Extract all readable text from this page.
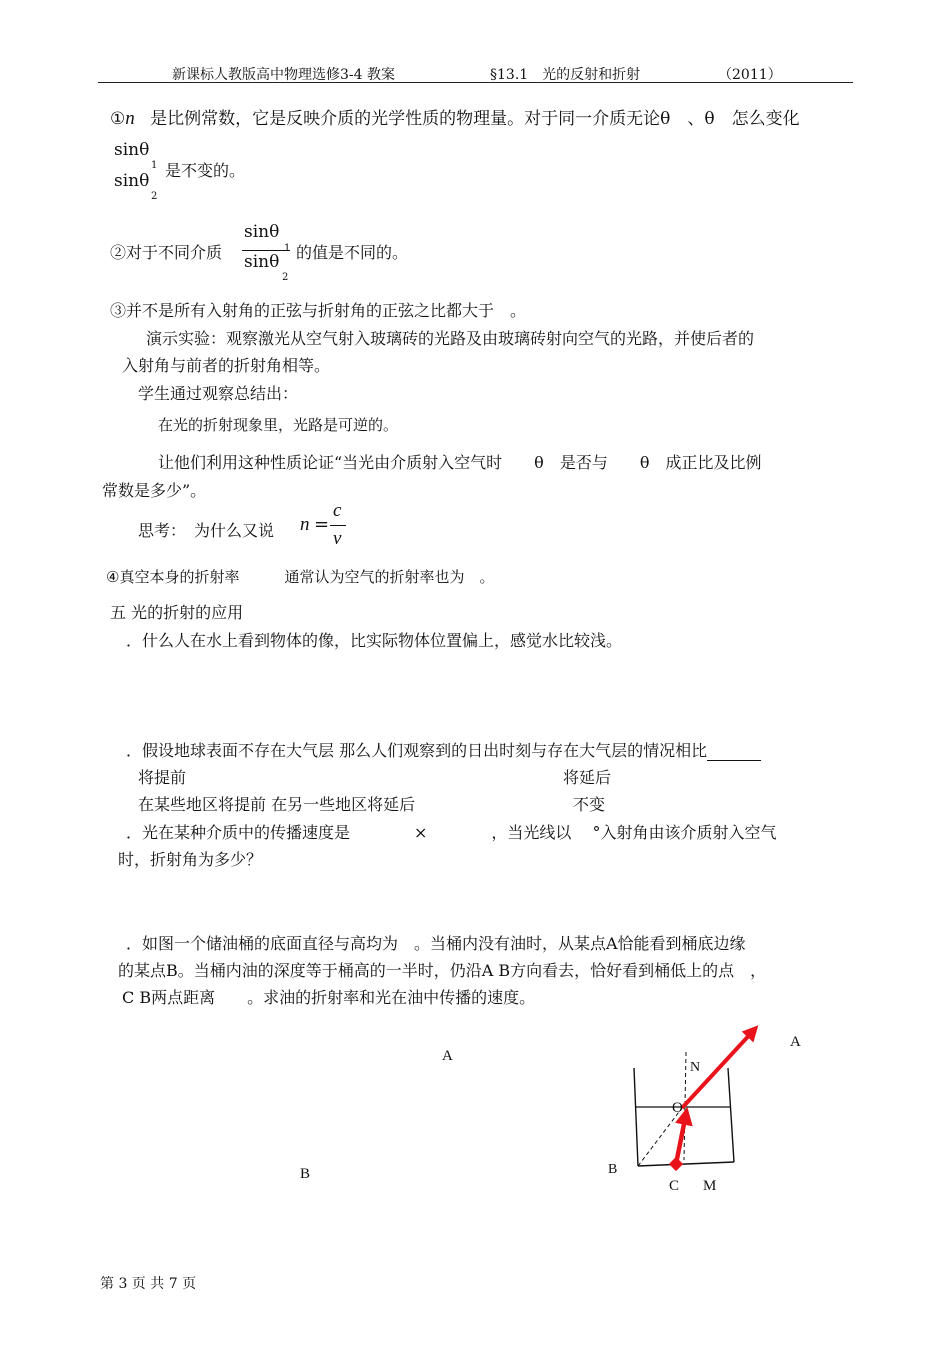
新课标人教版高中物理选修3-4 教案	§13.1　光的反射和折射	（2011）
①n 是比例常数，它是反映介质的光学性质的物理量。对于同一介质无论θ　、θ　怎么变化
sinθ
sinθ
1
2
是不变的。
②对于不同介质
sinθ
sinθ
1
2
的值是不同的。
③并不是所有入射角的正弦与折射角的正弦之比都大于　。
演示实验：观察激光从空气射入玻璃砖的光路及由玻璃砖射向空气的光路，并使后者的
入射角与前者的折射角相等。
学生通过观察总结出：
在光的折射现象里，光路是可逆的。
让他们利用这种性质论证“当光由介质射入空气时　　θ　是否与　　θ　成正比及比例
常数是多少”。
思考：　为什么又说 n =
c
v
④真空本身的折射率　　　通常认为空气的折射率也为　。
五 光的折射的应用
．什么人在水上看到物体的像，比实际物体位置偏上，感觉水比较浅。
．假设地球表面不存在大气层 那么人们观察到的日出时刻与存在大气层的情况相比
将提前	将延后
在某些地区将提前 在另一些地区将延后	不变
．光在某种介质中的传播速度是　　　　×　　　　，当光线以　 °入射角由该介质射入空气
时，折射角为多少？
．如图一个储油桶的底面直径与高均为　。当桶内没有油时，从某点A恰能看到桶底边缘
的某点B。当桶内油的深度等于桶高的一半时，仍沿A B方向看去，恰好看到桶低上的点　，
C B两点距离　　。求油的折射率和光在油中传播的速度。
A
B
A
N
O
B
C M
第 3 页 共 7 页
